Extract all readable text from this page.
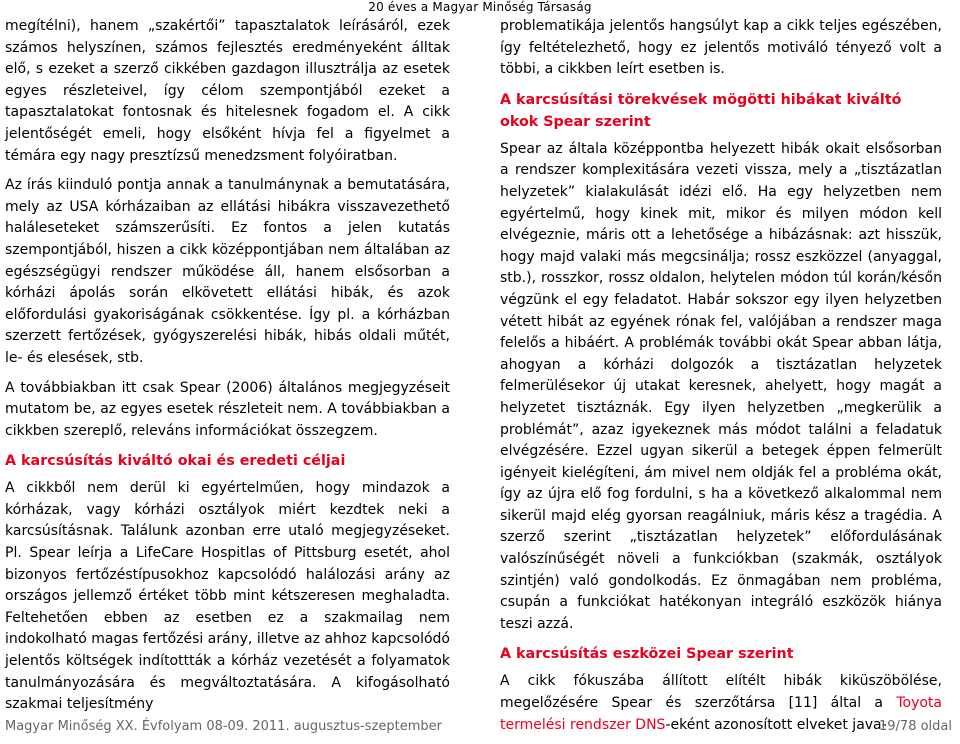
20 éves a Magyar Minőség Társaság

megítélni), hanem „szakértői” tapasztalatok leírásáról, ezek számos helyszínen, számos fejlesztés eredményeként álltak elő, s ezeket a szerző cikkében gazdagon illusztrálja az esetek egyes részleteivel, így célom szempontjából ezeket a tapasztalatokat fontosnak és hitelesnek fogadom el. A cikk jelentőségét emeli, hogy elsőként hívja fel a figyelmet a témára egy nagy presztízsű menedzsment folyóiratban.

Az írás kiinduló pontja annak a tanulmánynak a bemutatására, mely az USA kórházaiban az ellátási hibákra visszavezethető haláleseteket számszerűsíti. Ez fontos a jelen kutatás szempontjából, hiszen a cikk középpontjában nem általában az egészségügyi rendszer működése áll, hanem elsősorban a kórházi ápolás során elkövetett ellátási hibák, és azok előfordulási gyakoriságának csökkentése. Így pl. a kórházban szerzett fertőzések, gyógyszerelési hibák, hibás oldali műtét, le- és elesések, stb.

A továbbiakban itt csak Spear (2006) általános megjegyzéseit mutatom be, az egyes esetek részleteit nem. A továbbiakban a cikkben szereplő, releváns információkat összegzem.

A karcsúsítás kiváltó okai és eredeti céljai

A cikkből nem derül ki egyértelműen, hogy mindazok a kórházak, vagy kórházi osztályok miért kezdtek neki a karcsúsításnak. Találunk azonban erre utaló megjegyzéseket. Pl. Spear leírja a LifeCare Hospitlas of Pittsburg esetét, ahol bizonyos fertőzéstípusokhoz kapcsolódó halálozási arány az országos jellemző értéket több mint kétszeresen meghaladta. Feltehetően ebben az esetben ez a szakmailag nem indokolható magas fertőzési arány, illetve az ahhoz kapcsolódó jelentős költségek indítottták a kórház vezetését a folyamatok tanulmányozására és megváltoztatására. A kifogásolható szakmai teljesítmény

problematikája jelentős hangsúlyt kap a cikk teljes egészében, így feltételezhető, hogy ez jelentős motiváló tényező volt a többi, a cikkben leírt esetben is.

A karcsúsítási törekvések mögötti hibákat kiváltó okok Spear szerint

Spear az általa középpontba helyezett hibák okait elsősorban a rendszer komplexitására vezeti vissza, mely a „tisztázatlan helyzetek” kialakulását idézi elő. Ha egy helyzetben nem egyértelmű, hogy kinek mit, mikor és milyen módon kell elvégeznie, máris ott a lehetősége a hibázásnak: azt hisszük, hogy majd valaki más megcsinálja; rossz eszközzel (anyaggal, stb.), rosszkor, rossz oldalon, helytelen módon túl korán/későn végzünk el egy feladatot. Habár sokszor egy ilyen helyzetben vétett hibát az egyének rónak fel, valójában a rendszer maga felelős a hibáért. A problémák további okát Spear abban látja, ahogyan a kórházi dolgozók a tisztázatlan helyzetek felmerülésekor új utakat keresnek, ahelyett, hogy magát a helyzetet tisztáznák. Egy ilyen helyzetben „megkerülik a problémát”, azaz igyekeznek más módot találni a feladatuk elvégzésére. Ezzel ugyan sikerül a betegek éppen felmerült igényeit kielégíteni, ám mivel nem oldják fel a probléma okát, így az újra elő fog fordulni, s ha a következő alkalommal nem sikerül majd elég gyorsan reagálniuk, máris kész a tragédia. A szerző szerint „tisztázatlan helyzetek” előfordulásának valószínűségét növeli a funkciókban (szakmák, osztályok szintjén) való gondolkodás. Ez önmagában nem probléma, csupán a funkciókat hatékonyan integráló eszközök hiánya teszi azzá.

A karcsúsítás eszközei Spear szerint

A cikk fókuszába állított elítélt hibák kiküszöbölése, megelőzésére Spear és szerzőtársa [11] által a Toyota termelési rendszer DNS-eként azonosított elveket java-

Magyar Minőség XX. Évfolyam 08-09. 2011. augusztus-szeptember	19/78 oldal
